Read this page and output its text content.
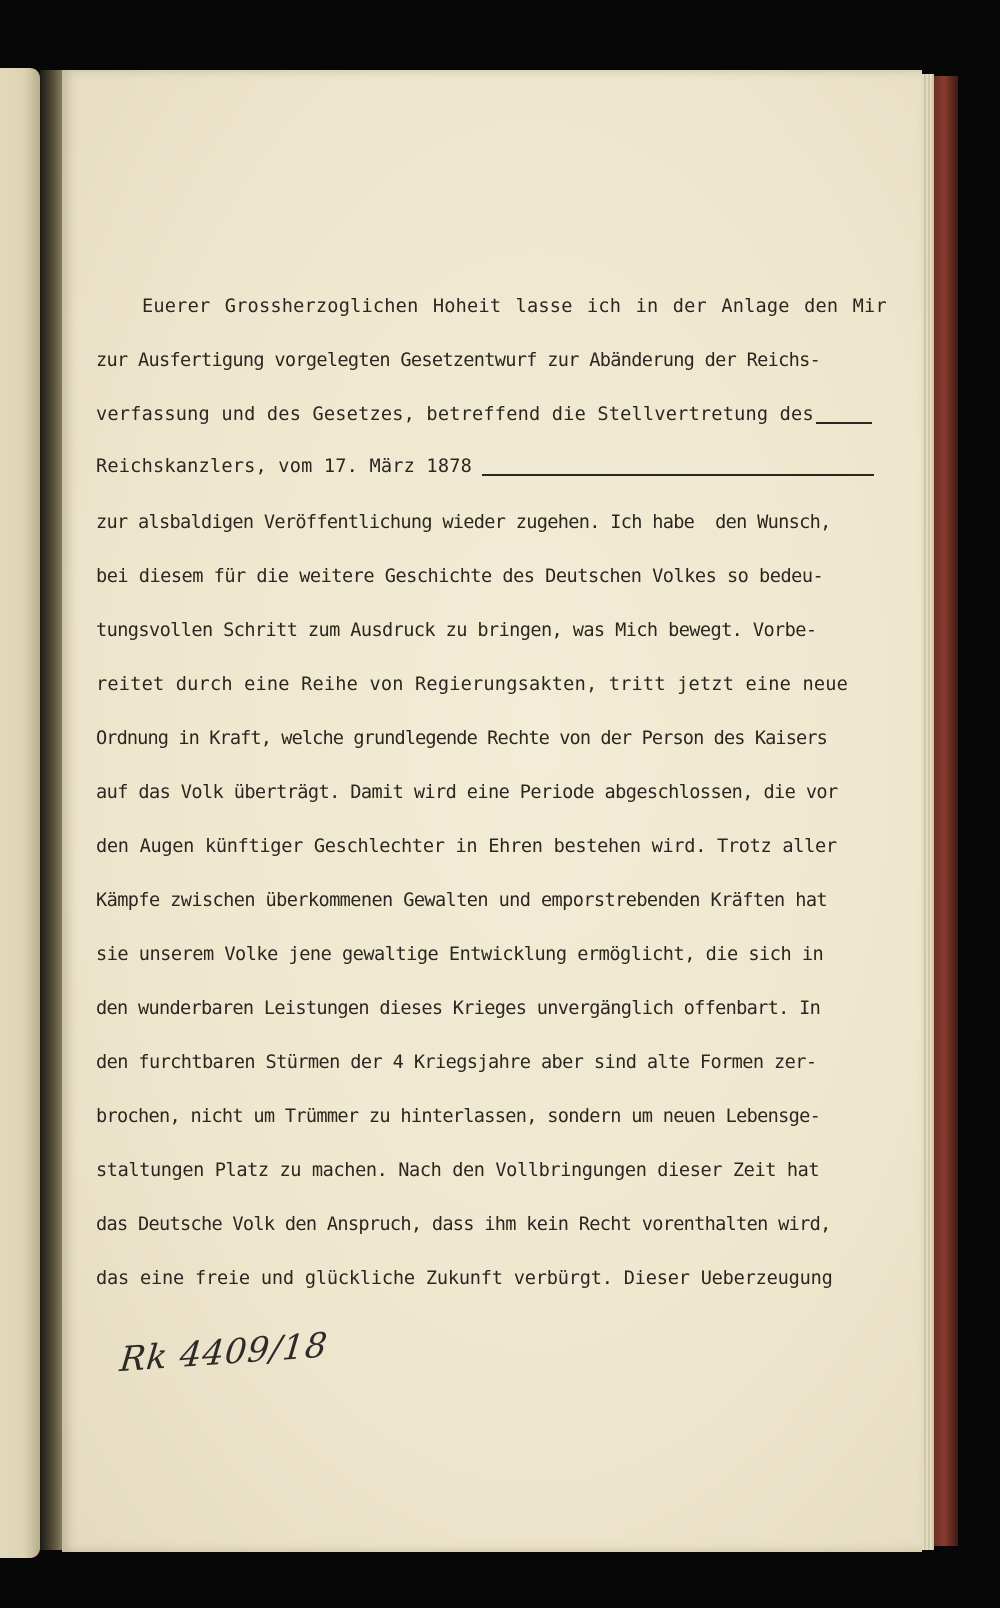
Euerer Grossherzoglichen Hoheit lasse ich in der Anlage den Mir
zur Ausfertigung vorgelegten Gesetzentwurf zur Abänderung der Reichs-
verfassung und des Gesetzes, betreffend die Stellvertretung des
Reichskanzlers, vom 17. März 1878
zur alsbaldigen Veröffentlichung wieder zugehen. Ich habe  den Wunsch,
bei diesem für die weitere Geschichte des Deutschen Volkes so bedeu-
tungsvollen Schritt zum Ausdruck zu bringen, was Mich bewegt. Vorbe-
reitet durch eine Reihe von Regierungsakten, tritt jetzt eine neue
Ordnung in Kraft, welche grundlegende Rechte von der Person des Kaisers
auf das Volk überträgt. Damit wird eine Periode abgeschlossen, die vor
den Augen künftiger Geschlechter in Ehren bestehen wird. Trotz aller
Kämpfe zwischen überkommenen Gewalten und emporstrebenden Kräften hat
sie unserem Volke jene gewaltige Entwicklung ermöglicht, die sich in
den wunderbaren Leistungen dieses Krieges unvergänglich offenbart. In
den furchtbaren Stürmen der 4 Kriegsjahre aber sind alte Formen zer-
brochen, nicht um Trümmer zu hinterlassen, sondern um neuen Lebensge-
staltungen Platz zu machen. Nach den Vollbringungen dieser Zeit hat
das Deutsche Volk den Anspruch, dass ihm kein Recht vorenthalten wird,
das eine freie und glückliche Zukunft verbürgt. Dieser Ueberzeugung
Rk 4409/18
